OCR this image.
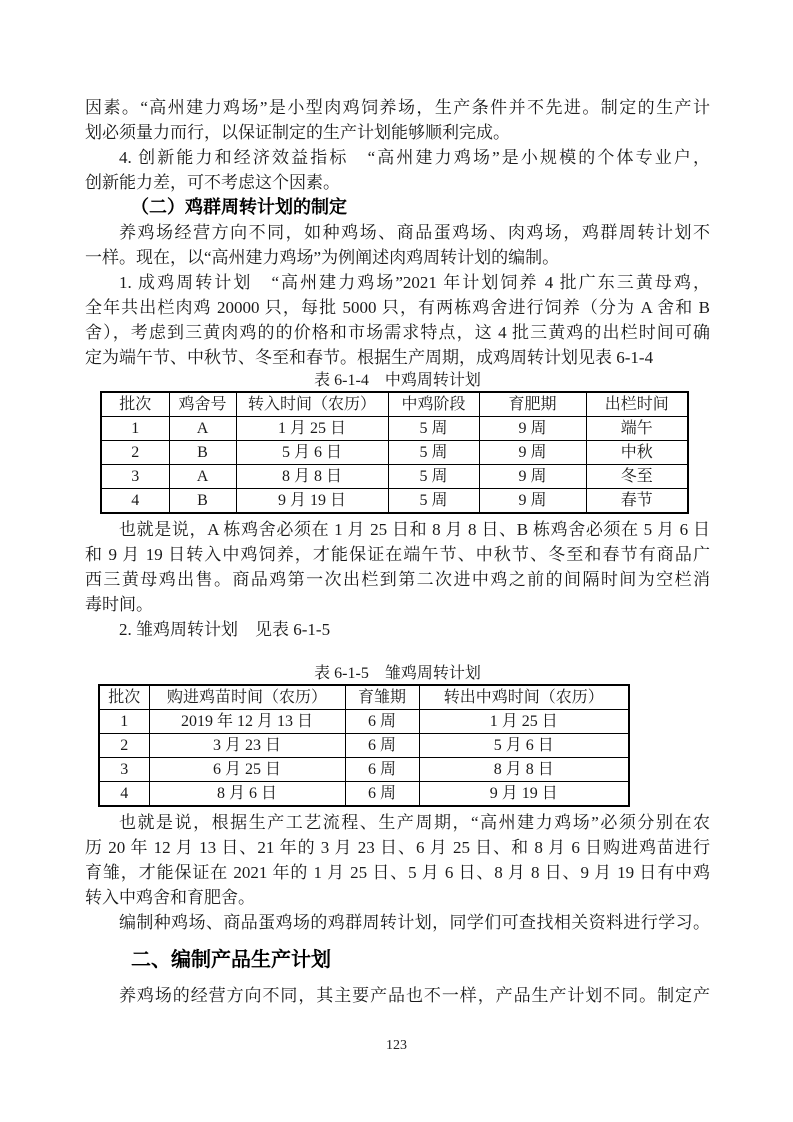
因素。“高州建力鸡场”是小型肉鸡饲养场，生产条件并不先进。制定的生产计
划必须量力而行，以保证制定的生产计划能够顺利完成。
4. 创新能力和经济效益指标　“高州建力鸡场”是小规模的个体专业户，
创新能力差，可不考虑这个因素。
（二）鸡群周转计划的制定
养鸡场经营方向不同，如种鸡场、商品蛋鸡场、肉鸡场，鸡群周转计划不
一样。现在，以“高州建力鸡场”为例阐述肉鸡周转计划的编制。
1. 成鸡周转计划　“高州建力鸡场”2021 年计划饲养 4 批广东三黄母鸡，
全年共出栏肉鸡 20000 只，每批 5000 只，有两栋鸡舍进行饲养（分为 A 舍和 B
舍），考虑到三黄肉鸡的的价格和市场需求特点，这 4 批三黄鸡的出栏时间可确
定为端午节、中秋节、冬至和春节。根据生产周期，成鸡周转计划见表 6-1-4
表 6-1-4　中鸡周转计划
批次	鸡舍号	转入时间（农历）	中鸡阶段	育肥期	出栏时间
1	A	1 月 25 日	5 周	9 周	端午
2	B	5 月 6 日	5 周	9 周	中秋
3	A	8 月 8 日	5 周	9 周	冬至
4	B	9 月 19 日	5 周	9 周	春节
也就是说，A 栋鸡舍必须在 1 月 25 日和 8 月 8 日、B 栋鸡舍必须在 5 月 6 日
和 9 月 19 日转入中鸡饲养，才能保证在端午节、中秋节、冬至和春节有商品广
西三黄母鸡出售。商品鸡第一次出栏到第二次进中鸡之前的间隔时间为空栏消
毒时间。
2. 雏鸡周转计划　见表 6-1-5
表 6-1-5　雏鸡周转计划
批次	购进鸡苗时间（农历）	育雏期	转出中鸡时间（农历）
1	2019 年 12 月 13 日	6 周	1 月 25 日
2	3 月 23 日	6 周	5 月 6 日
3	6 月 25 日	6 周	8 月 8 日
4	8 月 6 日	6 周	9 月 19 日
也就是说，根据生产工艺流程、生产周期，“高州建力鸡场”必须分别在农
历 20 年 12 月 13 日、21 年的 3 月 23 日、6 月 25 日、和 8 月 6 日购进鸡苗进行
育雏，才能保证在 2021 年的 1 月 25 日、5 月 6 日、8 月 8 日、9 月 19 日有中鸡
转入中鸡舍和育肥舍。
编制种鸡场、商品蛋鸡场的鸡群周转计划，同学们可查找相关资料进行学习。
二、编制产品生产计划
养鸡场的经营方向不同，其主要产品也不一样，产品生产计划不同。制定产
123
